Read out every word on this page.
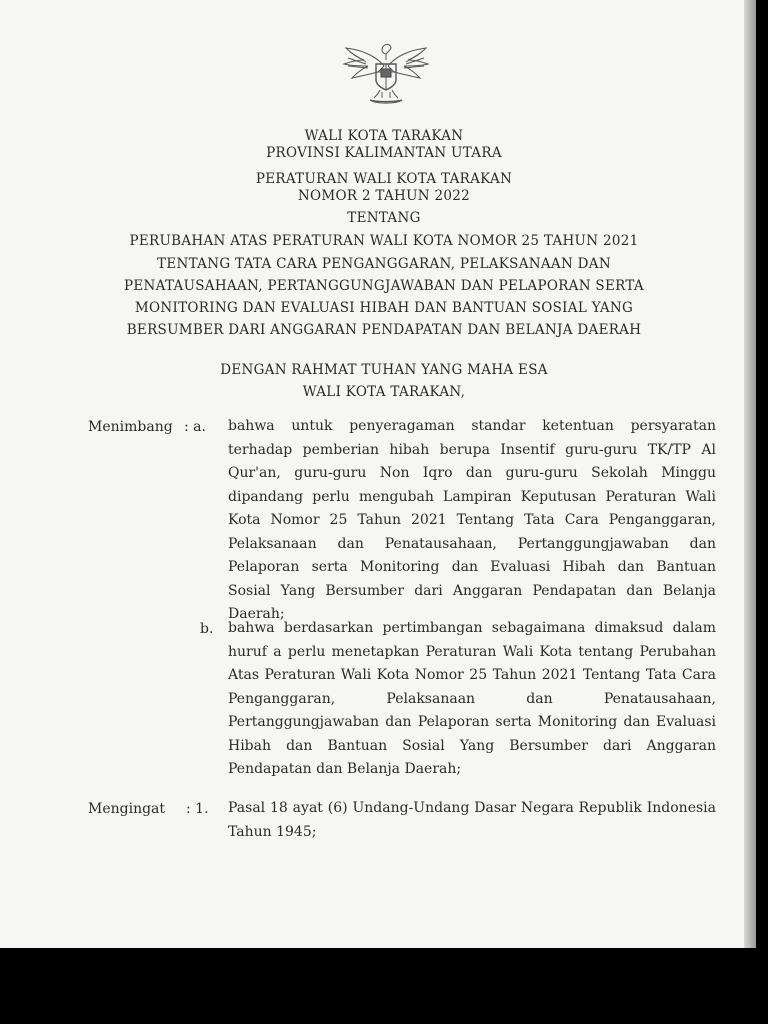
WALI KOTA TARAKAN
PROVINSI KALIMANTAN UTARA
PERATURAN WALI KOTA TARAKAN
NOMOR 2 TAHUN 2022
TENTANG
PERUBAHAN ATAS PERATURAN WALI KOTA NOMOR 25 TAHUN 2021
TENTANG TATA CARA PENGANGGARAN, PELAKSANAAN DAN
PENATAUSAHAAN, PERTANGGUNGJAWABAN DAN PELAPORAN SERTA
MONITORING DAN EVALUASI HIBAH DAN BANTUAN SOSIAL YANG
BERSUMBER DARI ANGGARAN PENDAPATAN DAN BELANJA DAERAH
DENGAN RAHMAT TUHAN YANG MAHA ESA
WALI KOTA TARAKAN,
Menimbang : a. bahwa untuk penyeragaman standar ketentuan persyaratan
terhadap pemberian hibah berupa Insentif guru-guru TK/TP Al
Qur'an, guru-guru Non Iqro dan guru-guru Sekolah Minggu
dipandang perlu mengubah Lampiran Keputusan Peraturan Wali
Kota Nomor 25 Tahun 2021 Tentang Tata Cara Penganggaran,
Pelaksanaan dan Penatausahaan, Pertanggungjawaban dan
Pelaporan serta Monitoring dan Evaluasi Hibah dan Bantuan
Sosial Yang Bersumber dari Anggaran Pendapatan dan Belanja
Daerah;
b. bahwa berdasarkan pertimbangan sebagaimana dimaksud dalam
huruf a perlu menetapkan Peraturan Wali Kota tentang Perubahan
Atas Peraturan Wali Kota Nomor 25 Tahun 2021 Tentang Tata Cara
Penganggaran, Pelaksanaan dan Penatausahaan,
Pertanggungjawaban dan Pelaporan serta Monitoring dan Evaluasi
Hibah dan Bantuan Sosial Yang Bersumber dari Anggaran
Pendapatan dan Belanja Daerah;
Mengingat : 1. Pasal 18 ayat (6) Undang-Undang Dasar Negara Republik Indonesia
Tahun 1945;
